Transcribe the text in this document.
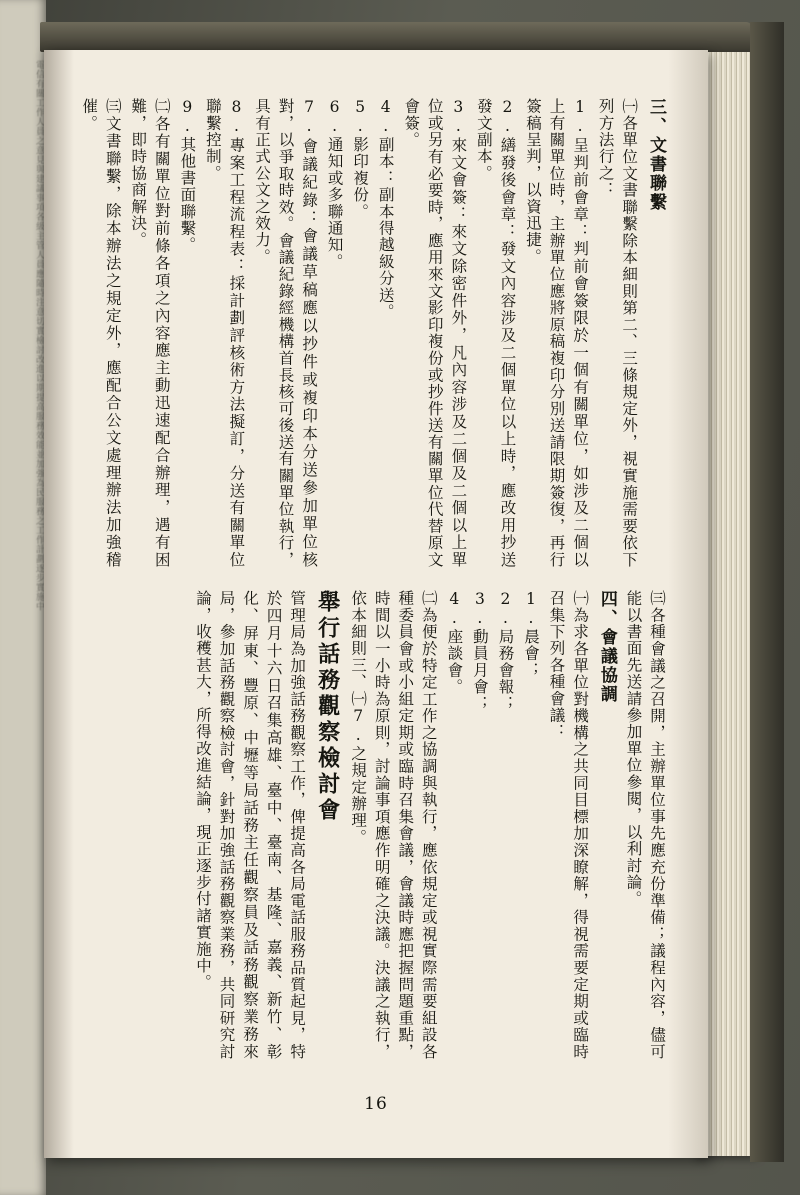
電信有關工作人員之意見與建議事項各級主管人員應隨時注意切實檢討改進以期提高服務效能並加強為民服務之工作計劃逐步實施中	三、文書聯繫

㈠各單位文書聯繫除本細則第二、三條規定外，視實施需要依下列方法行之：

1.呈判前會章：判前會簽限於一個有關單位，如涉及二個以上有關單位時，主辦單位應將原稿複印分別送請限期簽復，再行簽稿呈判，以資迅捷。

2.繕發後會章：發文內容涉及二個單位以上時，應改用抄送發文副本。

3.來文會簽：來文除密件外，凡內容涉及二個及二個以上單位或另有必要時，應用來文影印複份或抄件送有關單位代替原文會簽。

4.副本：副本得越級分送。

5.影印複份。

6.通知或多聯通知。

7.會議紀錄：會議草稿應以抄件或複印本分送參加單位核對，以爭取時效。會議紀錄經機構首長核可後送有關單位執行，具有正式公文之效力。

8.專案工程流程表：採計劃評核術方法擬訂，分送有關單位聯繫控制。

9.其他書面聯繫。

㈡各有關單位對前條各項之內容應主動迅速配合辦理，遇有困難，即時協商解決。

㈢文書聯繫，除本辦法之規定外，應配合公文處理辦法加強稽催。

㈢各種會議之召開，主辦單位事先應充份準備；議程內容，儘可能以書面先送請參加單位參閱，以利討論。

四、會議協調

㈠為求各單位對機構之共同目標加深瞭解，得視需要定期或臨時召集下列各種會議：

1.晨會；

2.局務會報；

3.動員月會；

4.座談會。

㈡為便於特定工作之協調與執行，應依規定或視實際需要組設各種委員會或小組定期或臨時召集會議，會議時應把握問題重點，時間以一小時為原則，討論事項應作明確之決議。決議之執行，依本細則三、㈠7.之規定辦理。

舉行話務觀察檢討會

管理局為加強話務觀察工作，俾提高各局電話服務品質起見，特於四月十六日召集高雄、臺中、臺南、基隆、嘉義、新竹、彰化、屏東、豐原、中壢等局話務主任觀察員及話務觀察業務來局，參加話務觀察檢討會，針對加強話務觀察業務，共同研究討論，收穫甚大，所得改進結論，現正逐步付諸實施中。

16
